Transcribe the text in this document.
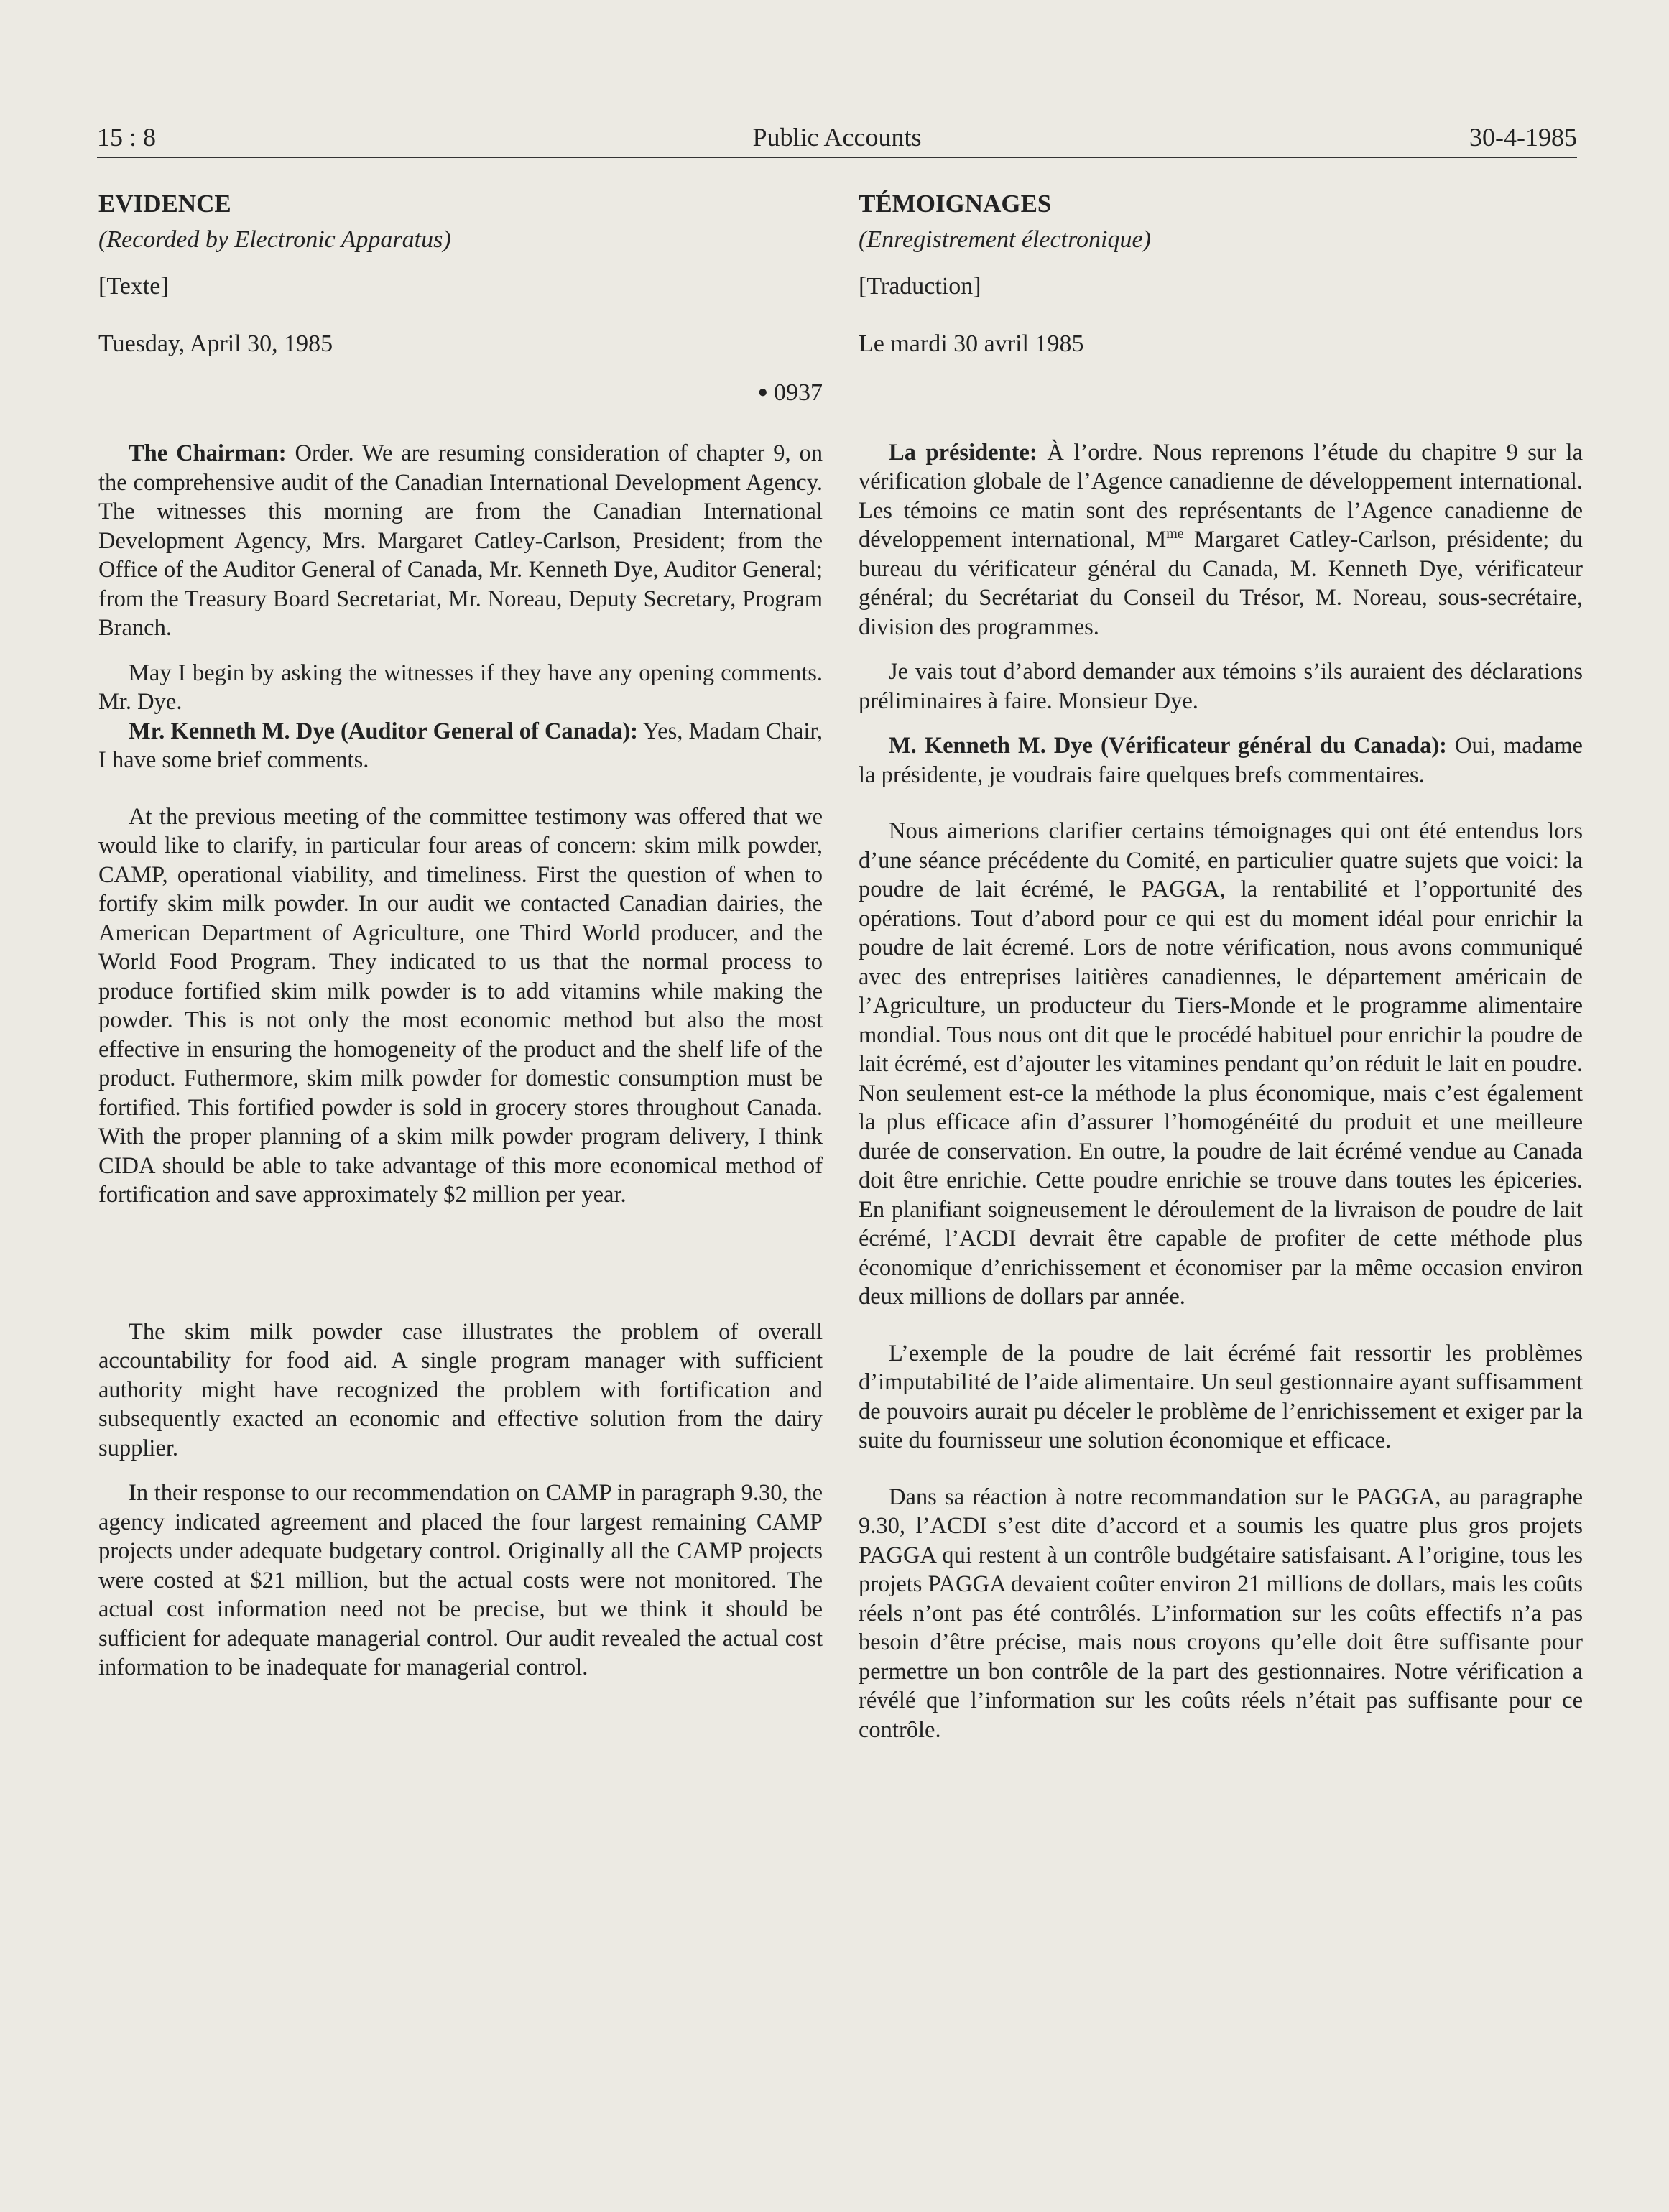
15 : 8	Public Accounts	30-4-1985
EVIDENCE
(Recorded by Electronic Apparatus)
[Texte]
Tuesday, April 30, 1985
● 0937

The Chairman: Order. We are resuming consideration of chapter 9, on the comprehensive audit of the Canadian International Development Agency. The witnesses this morning are from the Canadian International Development Agency, Mrs. Margaret Catley-Carlson, President; from the Office of the Auditor General of Canada, Mr. Kenneth Dye, Auditor General; from the Treasury Board Secretariat, Mr. Noreau, Deputy Secretary, Program Branch.

May I begin by asking the witnesses if they have any opening comments. Mr. Dye.

Mr. Kenneth M. Dye (Auditor General of Canada): Yes, Madam Chair, I have some brief comments.

At the previous meeting of the committee testimony was offered that we would like to clarify, in particular four areas of concern: skim milk powder, CAMP, operational viability, and timeliness. First the question of when to fortify skim milk powder. In our audit we contacted Canadian dairies, the American Department of Agriculture, one Third World producer, and the World Food Program. They indicated to us that the normal process to produce fortified skim milk powder is to add vitamins while making the powder. This is not only the most economic method but also the most effective in ensuring the homogeneity of the product and the shelf life of the product. Futhermore, skim milk powder for domestic consumption must be fortified. This fortified powder is sold in grocery stores throughout Canada. With the proper planning of a skim milk powder program delivery, I think CIDA should be able to take advantage of this more economical method of fortification and save approximately $2 million per year.

The skim milk powder case illustrates the problem of overall accountability for food aid. A single program manager with sufficient authority might have recognized the problem with fortification and subsequently exacted an economic and effective solution from the dairy supplier.

In their response to our recommendation on CAMP in paragraph 9.30, the agency indicated agreement and placed the four largest remaining CAMP projects under adequate budgetary control. Originally all the CAMP projects were costed at $21 million, but the actual costs were not monitored. The actual cost information need not be precise, but we think it should be sufficient for adequate managerial control. Our audit revealed the actual cost information to be inadequate for managerial control.

TÉMOIGNAGES
(Enregistrement électronique)
[Traduction]
Le mardi 30 avril 1985

La présidente: À l’ordre. Nous reprenons l’étude du chapitre 9 sur la vérification globale de l’Agence canadienne de développement international. Les témoins ce matin sont des représentants de l’Agence canadienne de développement international, $M^{me}$ Margaret Catley-Carlson, présidente; du bureau du vérificateur général du Canada, M. Kenneth Dye, vérificateur général; du Secrétariat du Conseil du Trésor, M. Noreau, sous-secrétaire, division des programmes.

Je vais tout d’abord demander aux témoins s’ils auraient des déclarations préliminaires à faire. Monsieur Dye.

M. Kenneth M. Dye (Vérificateur général du Canada): Oui, madame la présidente, je voudrais faire quelques brefs commentaires.

Nous aimerions clarifier certains témoignages qui ont été entendus lors d’une séance précédente du Comité, en particulier quatre sujets que voici: la poudre de lait écrémé, le PAGGA, la rentabilité et l’opportunité des opérations. Tout d’abord pour ce qui est du moment idéal pour enrichir la poudre de lait écremé. Lors de notre vérification, nous avons communiqué avec des entreprises laitières canadiennes, le département américain de l’Agriculture, un producteur du Tiers-Monde et le programme alimentaire mondial. Tous nous ont dit que le procédé habituel pour enrichir la poudre de lait écrémé, est d’ajouter les vitamines pendant qu’on réduit le lait en poudre. Non seulement est-ce la méthode la plus économique, mais c’est également la plus efficace afin d’assurer l’homogénéité du produit et une meilleure durée de conservation. En outre, la poudre de lait écrémé vendue au Canada doit être enrichie. Cette poudre enrichie se trouve dans toutes les épiceries. En planifiant soigneusement le déroulement de la livraison de poudre de lait écrémé, l’ACDI devrait être capable de profiter de cette méthode plus économique d’enrichissement et économiser par la même occasion environ deux millions de dollars par année.

L’exemple de la poudre de lait écrémé fait ressortir les problèmes d’imputabilité de l’aide alimentaire. Un seul gestionnaire ayant suffisamment de pouvoirs aurait pu déceler le problème de l’enrichissement et exiger par la suite du fournisseur une solution économique et efficace.

Dans sa réaction à notre recommandation sur le PAGGA, au paragraphe 9.30, l’ACDI s’est dite d’accord et a soumis les quatre plus gros projets PAGGA qui restent à un contrôle budgétaire satisfaisant. A l’origine, tous les projets PAGGA devaient coûter environ 21 millions de dollars, mais les coûts réels n’ont pas été contrôlés. L’information sur les coûts effectifs n’a pas besoin d’être précise, mais nous croyons qu’elle doit être suffisante pour permettre un bon contrôle de la part des gestionnaires. Notre vérification a révélé que l’information sur les coûts réels n’était pas suffisante pour ce contrôle.
